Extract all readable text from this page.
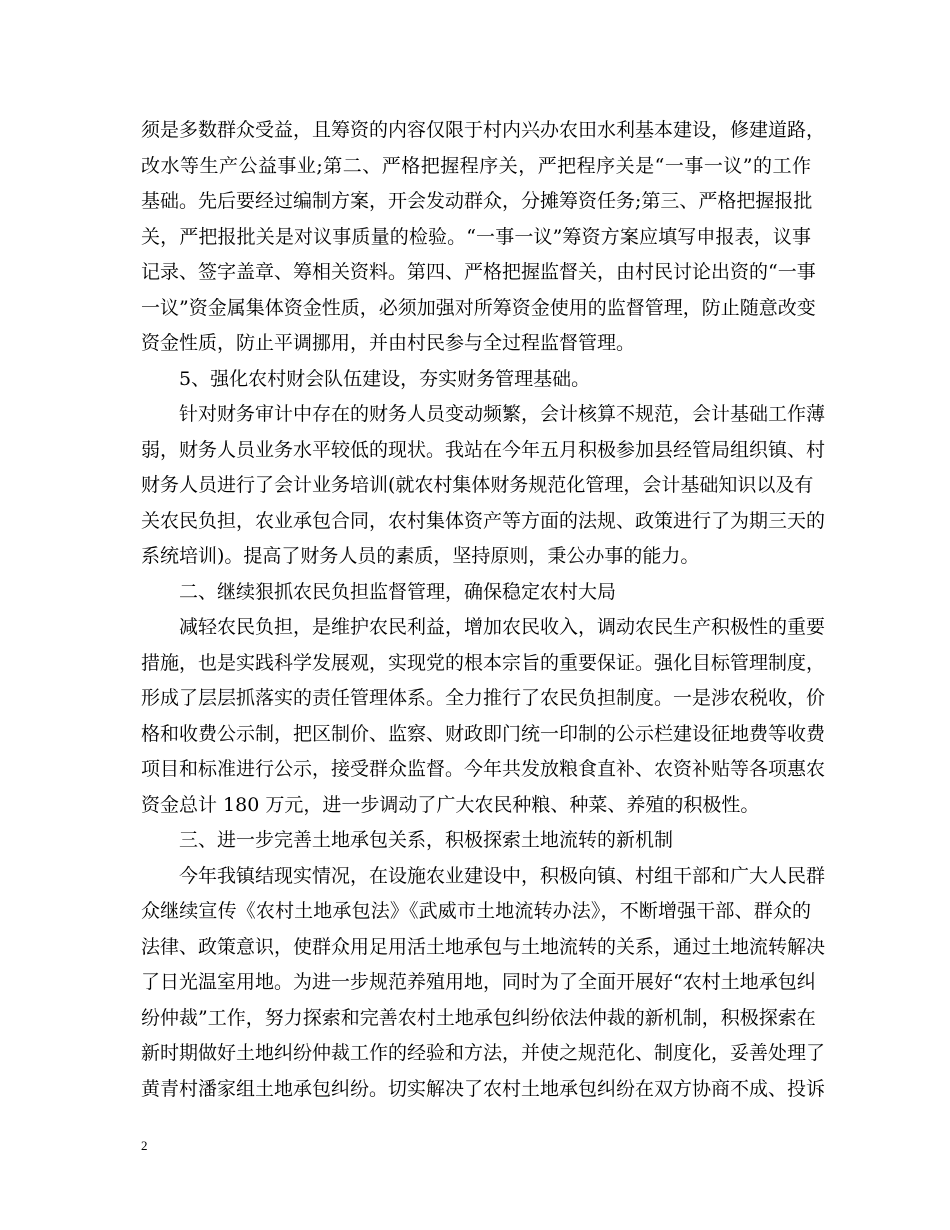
须是多数群众受益，且筹资的内容仅限于村内兴办农田水利基本建设，修建道路，
改水等生产公益事业;第二、严格把握程序关，严把程序关是“一事一议”的工作
基础。先后要经过编制方案，开会发动群众，分摊筹资任务;第三、严格把握报批
关，严把报批关是对议事质量的检验。“一事一议”筹资方案应填写申报表，议事
记录、签字盖章、筹相关资料。第四、严格把握监督关，由村民讨论出资的“一事
一议”资金属集体资金性质，必须加强对所筹资金使用的监督管理，防止随意改变
资金性质，防止平调挪用，并由村民参与全过程监督管理。
5、强化农村财会队伍建设，夯实财务管理基础。
针对财务审计中存在的财务人员变动频繁，会计核算不规范，会计基础工作薄
弱，财务人员业务水平较低的现状。我站在今年五月积极参加县经管局组织镇、村
财务人员进行了会计业务培训(就农村集体财务规范化管理，会计基础知识以及有
关农民负担，农业承包合同，农村集体资产等方面的法规、政策进行了为期三天的
系统培训)。提高了财务人员的素质，坚持原则，秉公办事的能力。
二、继续狠抓农民负担监督管理，确保稳定农村大局
减轻农民负担，是维护农民利益，增加农民收入，调动农民生产积极性的重要
措施，也是实践科学发展观，实现党的根本宗旨的重要保证。强化目标管理制度，
形成了层层抓落实的责任管理体系。全力推行了农民负担制度。一是涉农税收，价
格和收费公示制，把区制价、监察、财政即门统一印制的公示栏建设征地费等收费
项目和标准进行公示，接受群众监督。今年共发放粮食直补、农资补贴等各项惠农
资金总计 180 万元，进一步调动了广大农民种粮、种菜、养殖的积极性。
三、进一步完善土地承包关系，积极探索土地流转的新机制
今年我镇结现实情况，在设施农业建设中，积极向镇、村组干部和广大人民群
众继续宣传《农村土地承包法》《武威市土地流转办法》，不断增强干部、群众的
法律、政策意识，使群众用足用活土地承包与土地流转的关系，通过土地流转解决
了日光温室用地。为进一步规范养殖用地，同时为了全面开展好“农村土地承包纠
纷仲裁”工作，努力探索和完善农村土地承包纠纷依法仲裁的新机制，积极探索在
新时期做好土地纠纷仲裁工作的经验和方法，并使之规范化、制度化，妥善处理了
黄青村潘家组土地承包纠纷。切实解决了农村土地承包纠纷在双方协商不成、投诉
2
